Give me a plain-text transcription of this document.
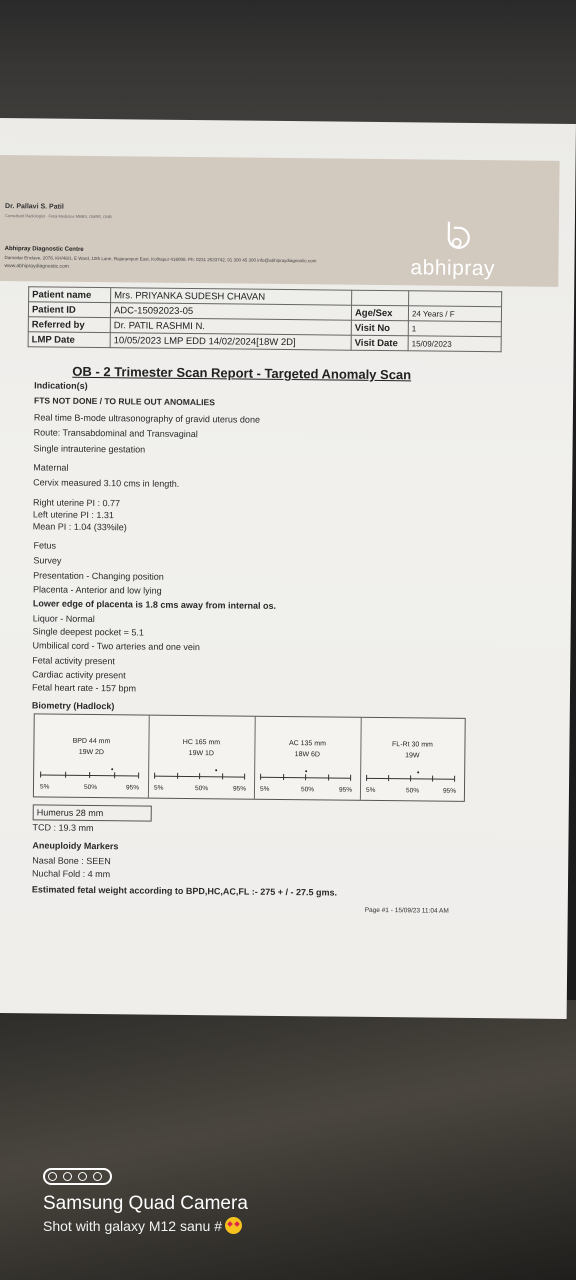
abhipray
Dr. Pallavi S. Patil
Consultant Radiologist · Fetal Medicine MBBS, DMRE, DNB
Abhipray Diagnostic Centre
Damodar Enclave, 2078, KH/48/1, E Ward, 10th Lane, Rajarampuri East, Kolhapur 416008. Ph: 0231 2533742, 91 300 45 300 info@abhipraydiagnostic.com
www.abhipraydiagnostic.com
Patient name	Mrs. PRIYANKA SUDESH CHAVAN		
Patient ID	ADC-15092023-05	Age/Sex	24 Years / F
Referred by	Dr. PATIL RASHMI N.	Visit No	1
LMP Date	10/05/2023 LMP EDD 14/02/2024[18W 2D]	Visit Date	15/09/2023
OB - 2 Trimester Scan Report - Targeted Anomaly Scan
Indication(s)
FTS NOT DONE / TO RULE OUT ANOMALIES
Real time B-mode ultrasonography of gravid uterus done
Route: Transabdominal and Transvaginal
Single intrauterine gestation
Maternal
Cervix measured 3.10 cms in length.
Right uterine PI : 0.77
Left uterine PI : 1.31
Mean PI : 1.04 (33%ile)
Fetus
Survey
Presentation - Changing position
Placenta - Anterior and low lying
Lower edge of placenta is 1.8 cms away from internal os.
Liquor - Normal
Single deepest pocket = 5.1
Umbilical cord - Two arteries and one vein
Fetal activity present
Cardiac activity present
Fetal heart rate - 157 bpm
Biometry (Hadlock)
BPD 44 mm
19W 2D
5%	50%	95%
HC 165 mm
19W 1D
5%	50%	95%
AC 135 mm
18W 6D
5%	50%	95%
FL-Rt 30 mm
19W
5%	50%	95%
Humerus 28 mm
TCD : 19.3 mm
Aneuploidy Markers
Nasal Bone : SEEN
Nuchal Fold : 4 mm
Estimated fetal weight according to BPD,HC,AC,FL :- 275 + / - 27.5 gms.
Page #1 - 15/09/23 11:04 AM
Samsung Quad Camera
Shot with galaxy M12 sanu #
